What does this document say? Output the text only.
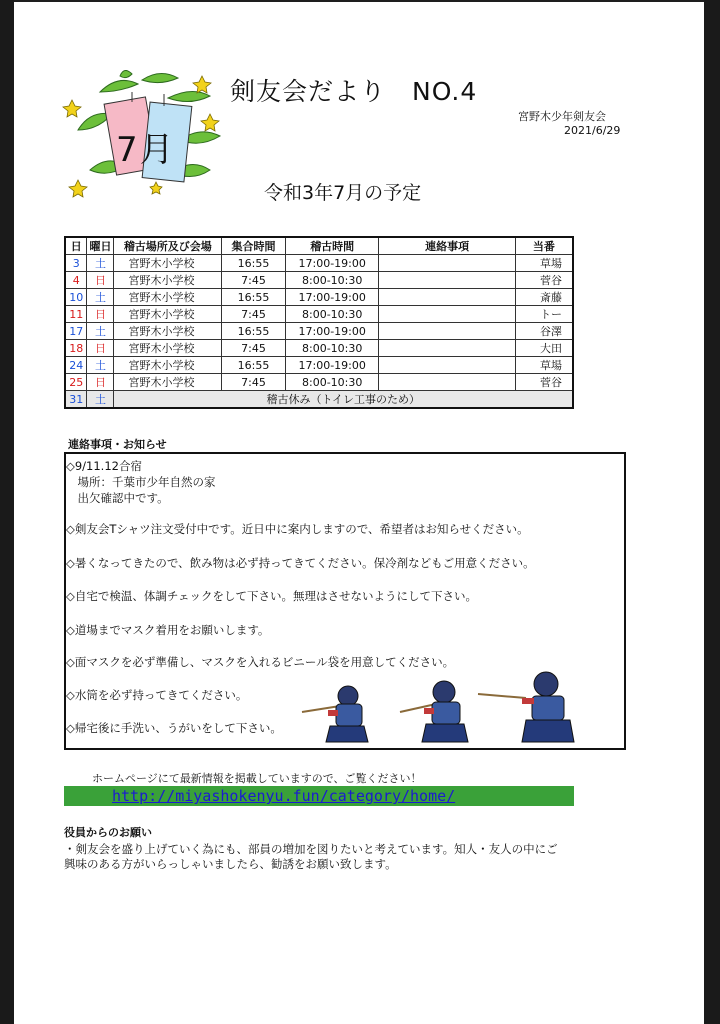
7月
剣友会だより　NO.4
宮野木少年剣友会
2021/6/29
令和3年7月の予定
日	曜日	稽古場所及び会場	集合時間	稽古時間	連絡事項	当番
3	土	宮野木小学校	16:55	17:00-19:00		草場
4	日	宮野木小学校	7:45	8:00-10:30		菅谷
10	土	宮野木小学校	16:55	17:00-19:00		斎藤
11	日	宮野木小学校	7:45	8:00-10:30		トー
17	土	宮野木小学校	16:55	17:00-19:00		谷澤
18	日	宮野木小学校	7:45	8:00-10:30		大田
24	土	宮野木小学校	16:55	17:00-19:00		草場
25	日	宮野木小学校	7:45	8:00-10:30		菅谷
31	土	稽古休み（トイレ工事のため）				
連絡事項・お知らせ
◇9/11.12合宿
　場所：千葉市少年自然の家
　出欠確認中です。
◇剣友会Tシャツ注文受付中です。近日中に案内しますので、希望者はお知らせください。
◇暑くなってきたので、飲み物は必ず持ってきてください。保冷剤などもご用意ください。
◇自宅で検温、体調チェックをして下さい。無理はさせないようにして下さい。
◇道場までマスク着用をお願いします。
◇面マスクを必ず準備し、マスクを入れるビニール袋を用意してください。
◇水筒を必ず持ってきてください。
◇帰宅後に手洗い、うがいをして下さい。
ホームページにて最新情報を掲載していますので、ご覧ください！
http://miyashokenyu.fun/category/home/
役員からのお願い
・剣友会を盛り上げていく為にも、部員の増加を図りたいと考えています。知人・友人の中にご興味のある方がいらっしゃいましたら、勧誘をお願い致します。
